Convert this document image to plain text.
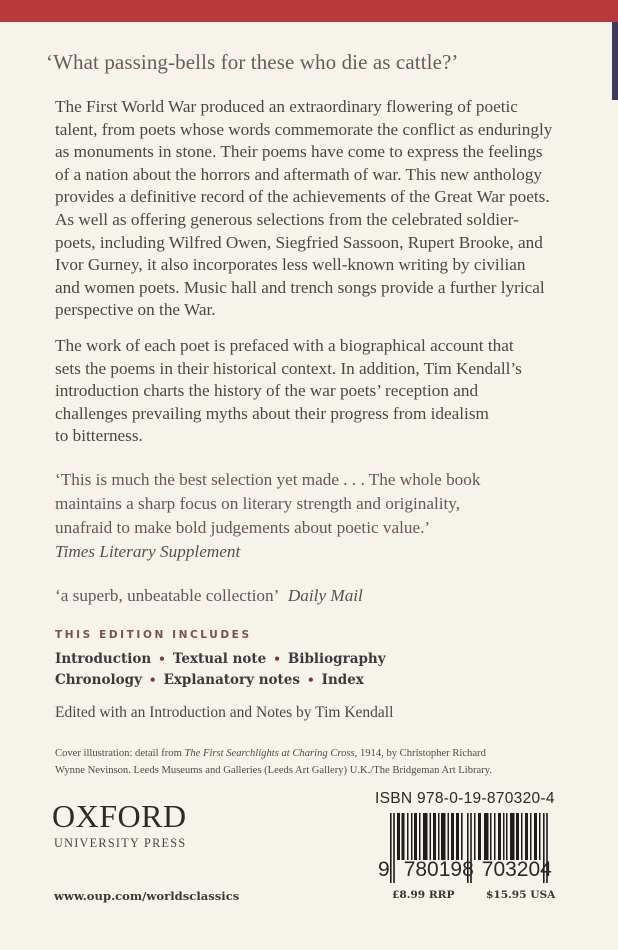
‘What passing-bells for these who die as cattle?’
The First World War produced an extraordinary flowering of poetic
talent, from poets whose words commemorate the conflict as enduringly
as monuments in stone. Their poems have come to express the feelings
of a nation about the horrors and aftermath of war. This new anthology
provides a definitive record of the achievements of the Great War poets.
As well as offering generous selections from the celebrated soldier-
poets, including Wilfred Owen, Siegfried Sassoon, Rupert Brooke, and
Ivor Gurney, it also incorporates less well-known writing by civilian
and women poets. Music hall and trench songs provide a further lyrical
perspective on the War.
The work of each poet is prefaced with a biographical account that
sets the poems in their historical context. In addition, Tim Kendall’s
introduction charts the history of the war poets’ reception and
challenges prevailing myths about their progress from idealism
to bitterness.
‘This is much the best selection yet made . . . The whole book
maintains a sharp focus on literary strength and originality,
unafraid to make bold judgements about poetic value.’
Times Literary Supplement
‘a superb, unbeatable collection’ Daily Mail
THIS EDITION INCLUDES
Introduction • Textual note • Bibliography
Chronology • Explanatory notes • Index
Edited with an Introduction and Notes by Tim Kendall
Cover illustration: detail from The First Searchlights at Charing Cross, 1914, by Christopher Richard
Wynne Nevinson. Leeds Museums and Galleries (Leeds Art Gallery) U.K./The Bridgeman Art Library.
OXFORD
UNIVERSITY PRESS
www.oup.com/worldsclassics
ISBN 978-0-19-870320-4
9 780198 703204
£8.99 RRP	$15.95 USA
